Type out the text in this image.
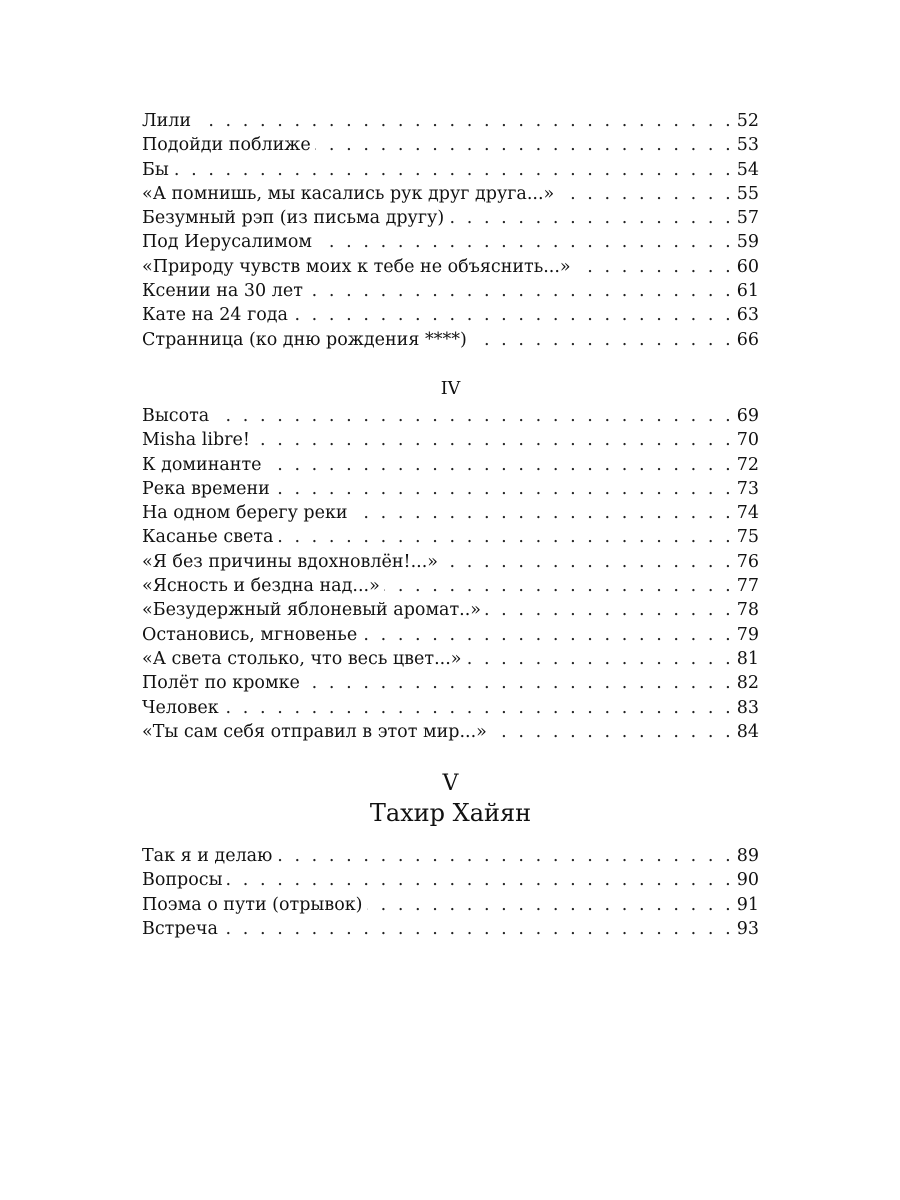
Лили . . .	52
Подойди поближе . . .	53
Бы . . .	54
«А помнишь, мы касались рук друг друга...» . . .	55
Безумный рэп (из письма другу) . . .	57
Под Иерусалимом . . .	59
«Природу чувств моих к тебе не объяснить...» . . .	60
Ксении на 30 лет . . .	61
Кате на 24 года . . .	63
Странница (ко дню рождения ****) . . .	66
IV
Высота . . .	69
Misha libre! . . .	70
К доминанте . . .	72
Река времени . . .	73
На одном берегу реки . . .	74
Касанье света . . .	75
«Я без причины вдохновлён!...» . . .	76
«Ясность и бездна над...» . . .	77
«Безудержный яблоневый аромат..» . . .	78
Остановись, мгновенье . . .	79
«А света столько, что весь цвет...» . . .	81
Полёт по кромке . . .	82
Человек . . .	83
«Ты сам себя отправил в этот мир...» . . .	84
V
Тахир Хайян
Так я и делаю . . .	89
Вопросы . . .	90
Поэма о пути (отрывок) . . .	91
Встреча . . .	93
